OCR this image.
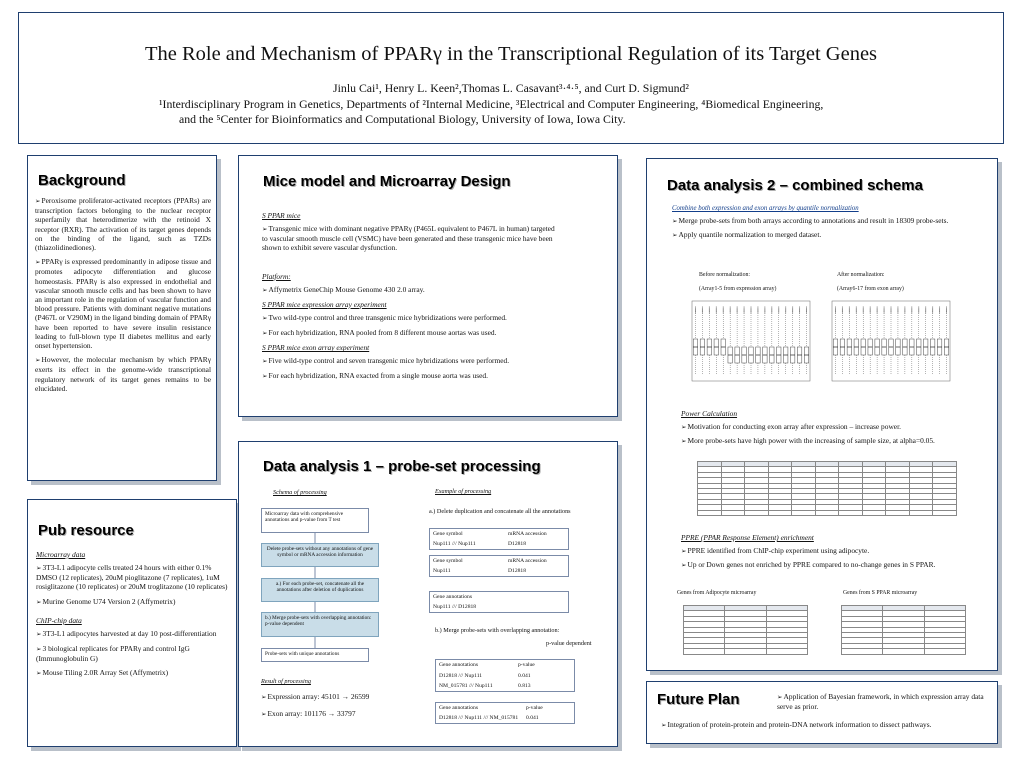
The Role and Mechanism of PPARγ in the Transcriptional Regulation of its Target Genes
Jinlu Cai¹, Henry L. Keen²,Thomas L. Casavant³·⁴·⁵, and Curt D. Sigmund²
¹Interdisciplinary Program in Genetics, Departments of ²Internal Medicine, ³Electrical and Computer Engineering, ⁴Biomedical Engineering,
and the ⁵Center for Bioinformatics and Computational Biology, University of Iowa, Iowa City.
Background

➢ Peroxisome proliferator-activated receptors (PPARs) are transcription factors belonging to the nuclear receptor superfamily that heterodimerize with the retinoid X receptor (RXR). The activation of its target genes depends on the binding of the ligand, such as TZDs (thiazolidinediones).

➢ PPARγ is expressed predominantly in adipose tissue and promotes adipocyte differentiation and glucose homeostasis. PPARγ is also expressed in endothelial and vascular smooth muscle cells and has been shown to have an important role in the regulation of vascular function and blood pressure. Patients with dominant negative mutations (P467L or V290M) in the ligand binding domain of PPARγ have been reported to have severe insulin resistance leading to full-blown type II diabetes mellitus and early onset hypertension.

➢ However, the molecular mechanism by which PPARγ exerts its effect in the genome-wide transcriptional regulatory network of its target genes remains to be elucidated.

Pub resource

Microarray data

➢ 3T3-L1 adipocyte cells treated 24 hours with either 0.1% DMSO (12 replicates), 20uM pioglitazone (7 replicates), 1uM rosiglitazone (10 replicates) or 20uM troglitazone (10 replicates)

➢ Murine Genome U74 Version 2 (Affymetrix)

ChIP-chip data

➢ 3T3-L1 adipocytes harvested at day 10 post-differentiation

➢ 3 biological replicates for PPARγ and control IgG (Immunoglobulin G)

➢ Mouse Tiling 2.0R Array Set (Affymetrix)

Mice model and Microarray Design

S PPAR mice

➢ Transgenic mice with dominant negative PPARγ (P465L equivalent to P467L in human) targeted to vascular smooth muscle cell (VSMC) have been generated and these transgenic mice have been shown to exhibit severe vascular dysfunction.

Platform:

➢ Affymetrix GeneChip Mouse Genome 430 2.0 array.

S PPAR mice expression array experiment

➢ Two wild-type control and three transgenic mice hybridizations were performed.

➢ For each hybridization, RNA pooled from 8 different mouse aortas was used.

S PPAR mice exon array experiment

➢ Five wild-type control and seven transgenic mice hybridizations were performed.

➢ For each hybridization, RNA exacted from a single mouse aorta was used.

Data analysis 1 – probe-set processing
Schema of processing	Example of processing
Microarray data with comprehensive annotations and p-value from T test
Delete probe-sets without any annotations of gene symbol or mRNA accession information
a.) For each probe-set, concatenate all the annotations after deletion of duplications
b.) Merge probe-sets with overlapping annotation: p-value dependent
Probe-sets with unique annotations
Result of processing

➢ Expression array: 45101 → 26599

➢ Exon array: 101176 → 33797

a.) Delete duplication and concatenate all the annotations
Gene symbol	mRNA accession
Nup111 /// Nup111	D12818
Gene symbol	mRNA accession
Nup111	D12818
Gene annotations
Nup111 /// D12818
b.) Merge probe-sets with overlapping annotation:
p-value dependent
Gene annotations	p-value
D12818 /// Nup111	0.041
NM_015781 /// Nup111	0.813
Gene annotations	p-value
D12818 /// Nup111 /// NM_015781 0.041
Data analysis 2 – combined schema

Combine both expression and exon arrays by quantile normalization

➢ Merge probe-sets from both arrays according to annotations and result in 18309 probe-sets.

➢ Apply quantile normalization to merged dataset.

Before normalization:
(Array1-5 from expression array)
After normalization:
(Array6-17 from exon array)

Power Calculation

➢ Motivation for conducting exon array after expression – increase power.

➢ More probe-sets have high power with the increasing of sample size, at alpha=0.05.

PPRE (PPAR Response Element) enrichment

➢ PPRE identified from ChIP-chip experiment using adipocyte.

➢ Up or Down genes not enriched by PPRE compared to no-change genes in S PPAR.

Genes from Adipocyte microarray	Genes from S PPAR microarray

Future Plan

➢	Application of Bayesian framework, in which expression array data serve as prior.

➢ Integration of protein-protein and protein-DNA network information to dissect pathways.
